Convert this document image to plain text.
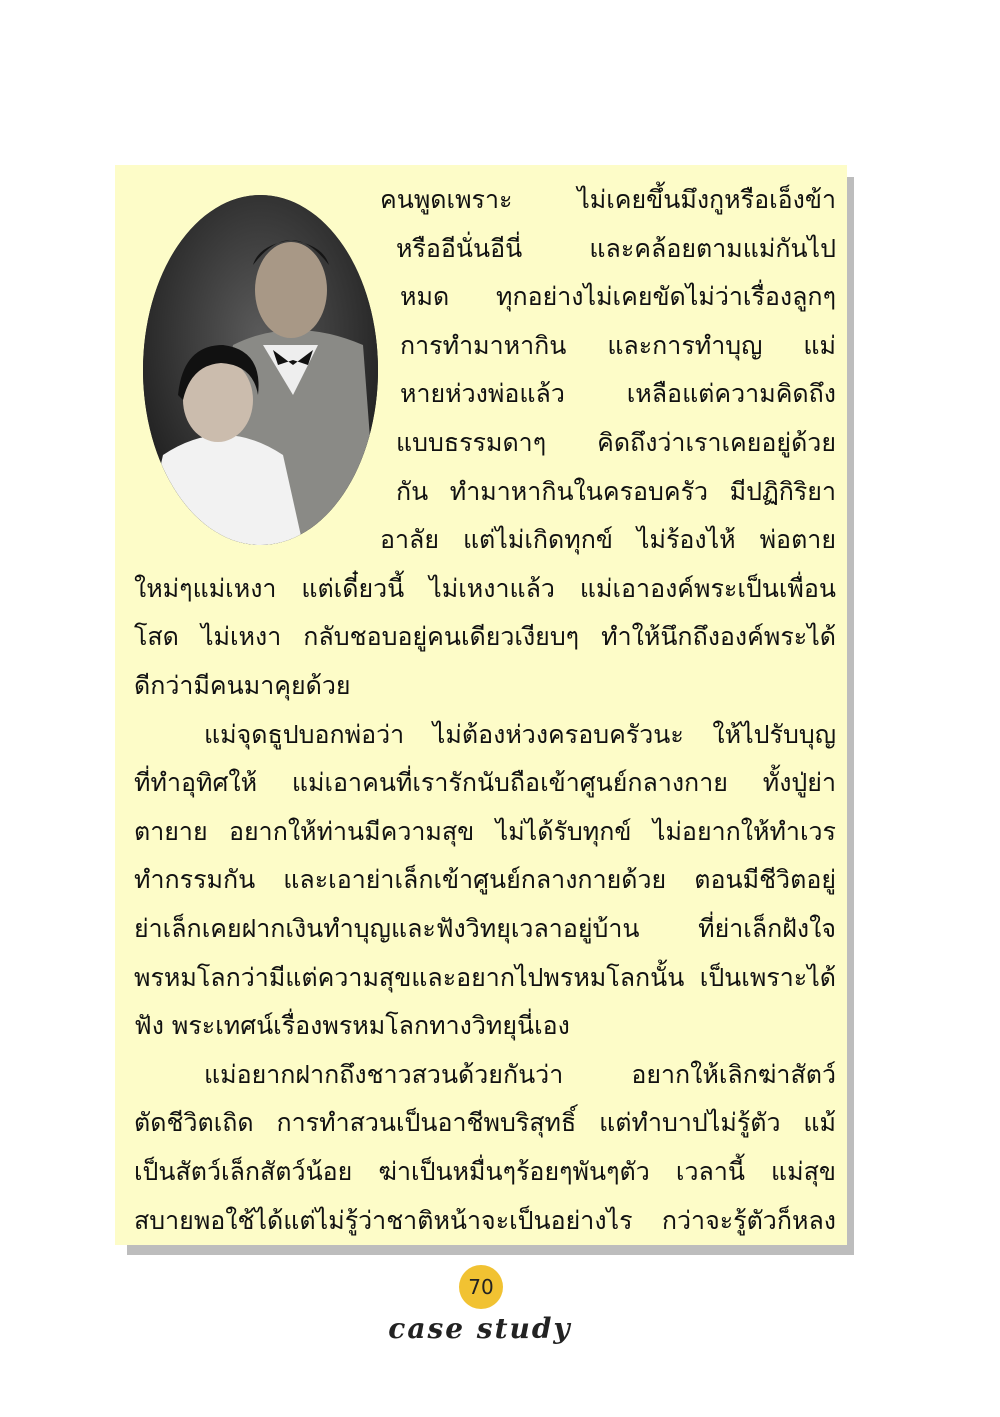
คนพูดเพราะ ไม่เคยขึ้นมึงกูหรือเอ็งข้า
หรืออีนั่นอีนี่ และคล้อยตามแม่กันไป
หมด ทุกอย่างไม่เคยขัดไม่ว่าเรื่องลูกๆ
การทำมาหากิน และการทำบุญ แม่
หายห่วงพ่อแล้ว เหลือแต่ความคิดถึง
แบบธรรมดาๆ คิดถึงว่าเราเคยอยู่ด้วย
กัน ทำมาหากินในครอบครัว มีปฏิกิริยา
อาลัย แต่ไม่เกิดทุกข์ ไม่ร้องไห้ พ่อตาย
ใหม่ๆแม่เหงา แต่เดี๋ยวนี้ ไม่เหงาแล้ว แม่เอาองค์พระเป็นเพื่อน
โสด ไม่เหงา กลับชอบอยู่คนเดียวเงียบๆ ทำให้นึกถึงองค์พระได้
ดีกว่ามีคนมาคุยด้วย
แม่จุดธูปบอกพ่อว่า ไม่ต้องห่วงครอบครัวนะ ให้ไปรับบุญ
ที่ทำอุทิศให้ แม่เอาคนที่เรารักนับถือเข้าศูนย์กลางกาย ทั้งปู่ย่า
ตายาย อยากให้ท่านมีความสุข ไม่ได้รับทุกข์ ไม่อยากให้ทำเวร
ทำกรรมกัน และเอาย่าเล็กเข้าศูนย์กลางกายด้วย ตอนมีชีวิตอยู่
ย่าเล็กเคยฝากเงินทำบุญและฟังวิทยุเวลาอยู่บ้าน ที่ย่าเล็กฝังใจ
พรหมโลกว่ามีแต่ความสุขและอยากไปพรหมโลกนั้น เป็นเพราะได้
ฟัง พระเทศน์เรื่องพรหมโลกทางวิทยุนี่เอง
แม่อยากฝากถึงชาวสวนด้วยกันว่า อยากให้เลิกฆ่าสัตว์
ตัดชีวิตเถิด การทำสวนเป็นอาชีพบริสุทธิ์ แต่ทำบาปไม่รู้ตัว แม้
เป็นสัตว์เล็กสัตว์น้อย ฆ่าเป็นหมื่นๆร้อยๆพันๆตัว เวลานี้ แม่สุข
70
case study
สบายพอใช้ได้แต่ไม่รู้ว่าชาติหน้าจะเป็นอย่างไร กว่าจะรู้ตัวก็หลง
